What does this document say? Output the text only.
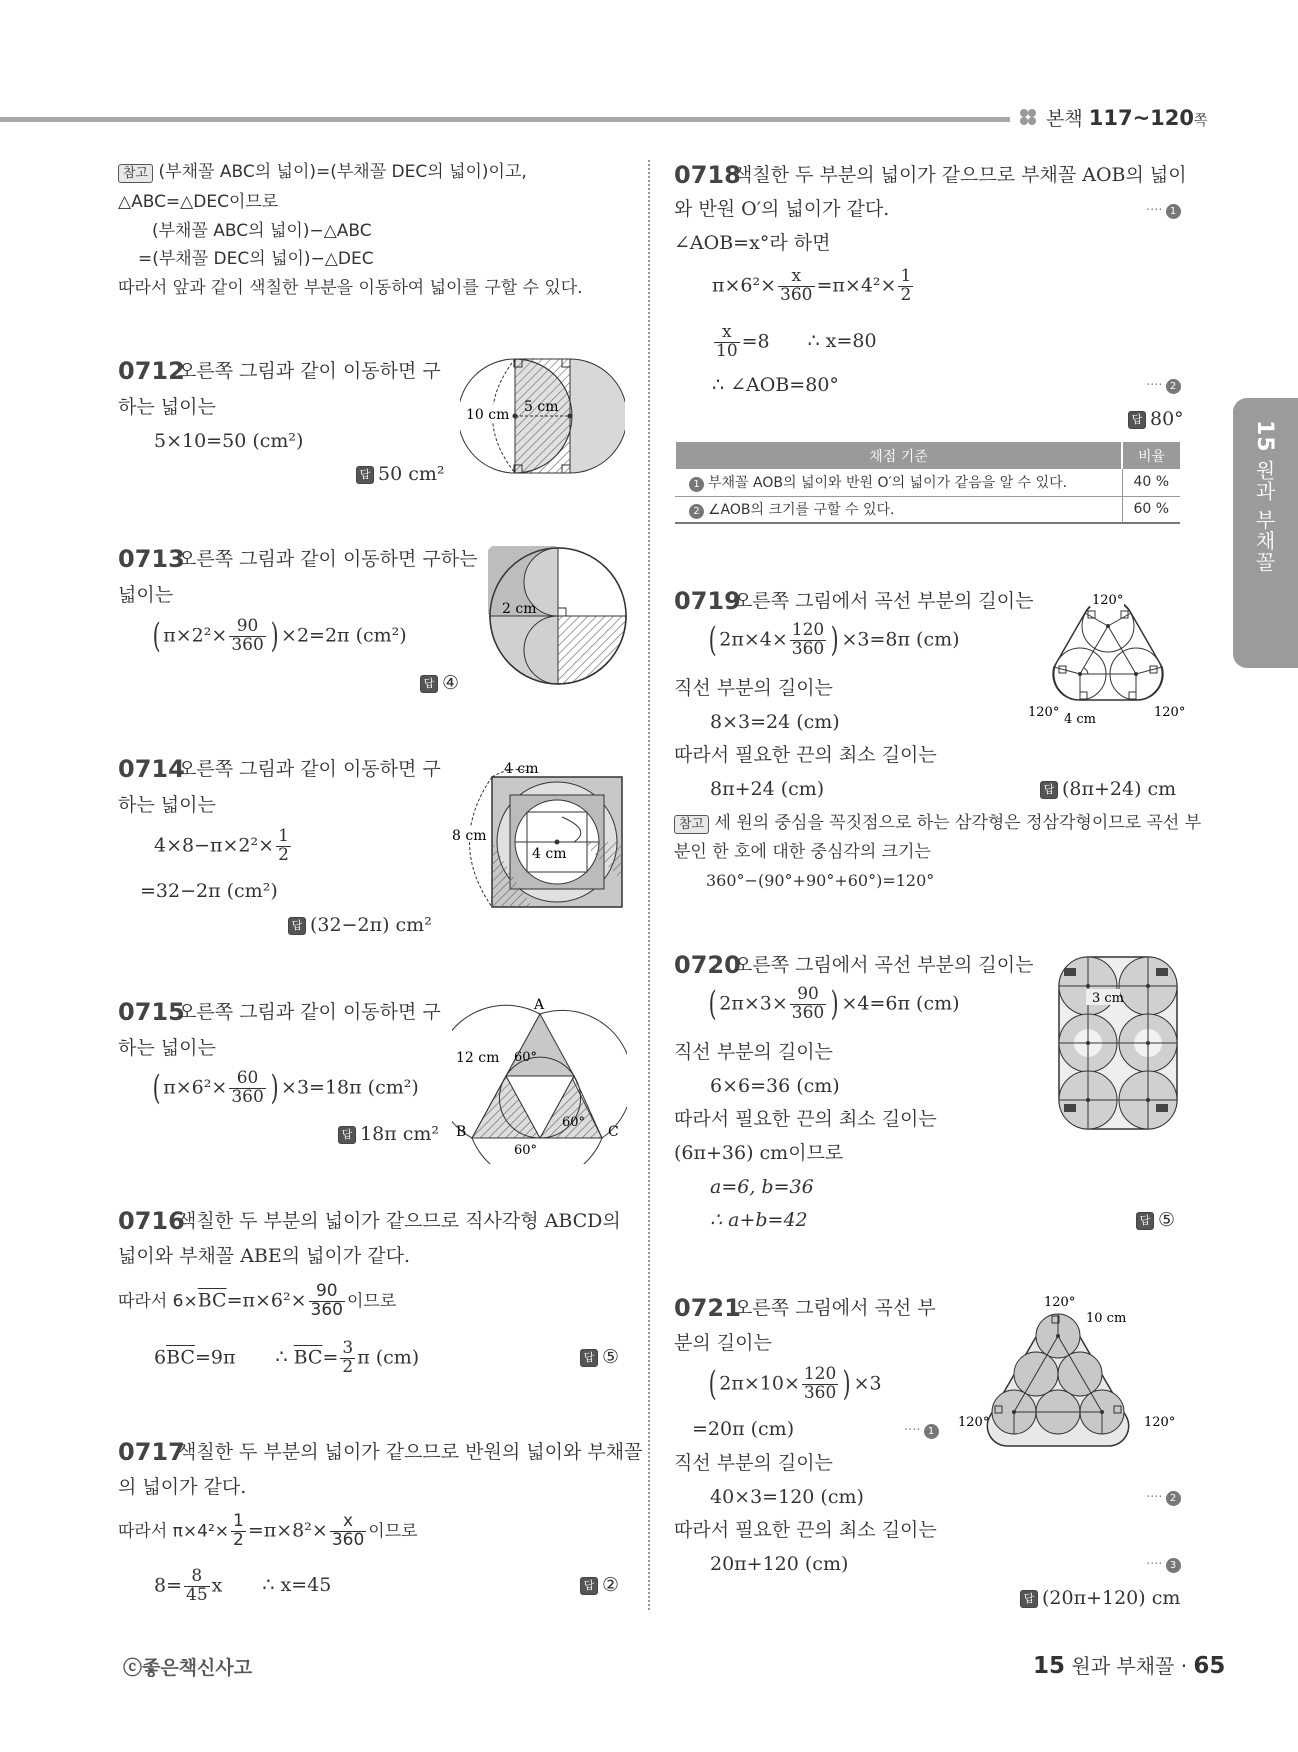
본책 117~120쪽
15 원과 부채꼴
참고 (부채꼴 ABC의 넓이)=(부채꼴 DEC의 넓이)이고,
△ABC=△DEC이므로
(부채꼴 ABC의 넓이)−△ABC
=(부채꼴 DEC의 넓이)−△DEC
따라서 앞과 같이 색칠한 부분을 이동하여 넓이를 구할 수 있다.
0712
오른쪽 그림과 같이 이동하면 구
하는 넓이는
5×10=50 (cm²)
답 50 cm²
10 cm 5 cm
0713
오른쪽 그림과 같이 이동하면 구하는
넓이는
( $\pi\times 2^2\times \frac{90}{360}$ ) ×2=2π (cm²)
답 ④
2 cm
0714
오른쪽 그림과 같이 이동하면 구
하는 넓이는
$4\times 8-\pi\times 2^2\times \frac{1}{2}$
=32−2π (cm²)
답 (32−2π) cm²
8 cm
4 cm
4 cm
0715
오른쪽 그림과 같이 이동하면 구
하는 넓이는
( $\pi\times 6^2\times \frac{60}{360}$ ) ×3=18π (cm²)
답 18π cm²
A
B	C
12 cm 60°
60°
60°
0716
색칠한 두 부분의 넓이가 같으므로 직사각형 ABCD의
넓이와 부채꼴 ABE의 넓이가 같다.
따라서 $6\times\overline{BC}=\pi\times 6^2\times \frac{90}{360}$ 이므로
$6\overline{BC}=9\pi$ ∴ $\overline{BC}= \frac{3}{2}$ π (cm)	답 ⑤
0717
색칠한 두 부분의 넓이가 같으므로 반원의 넓이와 부채꼴
의 넓이가 같다.
따라서 $\pi\times 4^2\times \frac{1}{2} =\pi\times 8^2\times \frac{x}{360}$ 이므로
$8= \frac{8}{45}$ x ∴ x=45	답 ②
0718
색칠한 두 부분의 넓이가 같으므로 부채꼴 AOB의 넓이
와 반원 O′의 넓이가 같다.	···· 1
∠AOB=x°라 하면
$\pi\times 6^2\times \frac{x}{360} =\pi\times 4^2\times \frac{1}{2}$
$\frac{x}{10} =8$ ∴ x=80
∴ ∠AOB=80°	···· 2
답 80°
채점 기준	비율
1 부채꼴 AOB의 넓이와 반원 O′의 넓이가 같음을 알 수 있다.	40 %
2 ∠AOB의 크기를 구할 수 있다.	60 %
0719
오른쪽 그림에서 곡선 부분의 길이는
( $2\pi\times 4\times \frac{120}{360}$ ) ×3=8π (cm)
직선 부분의 길이는
8×3=24 (cm)
따라서 필요한 끈의 최소 길이는
8π+24 (cm)	답 (8π+24) cm
참고 세 원의 중심을 꼭짓점으로 하는 삼각형은 정삼각형이므로 곡선 부
분인 한 호에 대한 중심각의 크기는
360°−(90°+90°+60°)=120°
120°
120°	120°
4 cm
0720
오른쪽 그림에서 곡선 부분의 길이는
( $2\pi\times 3\times \frac{90}{360}$ ) ×4=6π (cm)
직선 부분의 길이는
6×6=36 (cm)
따라서 필요한 끈의 최소 길이는
(6π+36) cm이므로
a=6, b=36
∴ a+b=42	답 ⑤
3 cm
0721
오른쪽 그림에서 곡선 부
분의 길이는
( $2\pi\times 10\times \frac{120}{360}$ ) ×3
=20π (cm)	···· 1
직선 부분의 길이는
40×3=120 (cm)	···· 2
따라서 필요한 끈의 최소 길이는
20π+120 (cm)	···· 3
답 (20π+120) cm
120°
10 cm
120°	120°
ⓒ좋은책신사고	15 원과 부채꼴 · 65
